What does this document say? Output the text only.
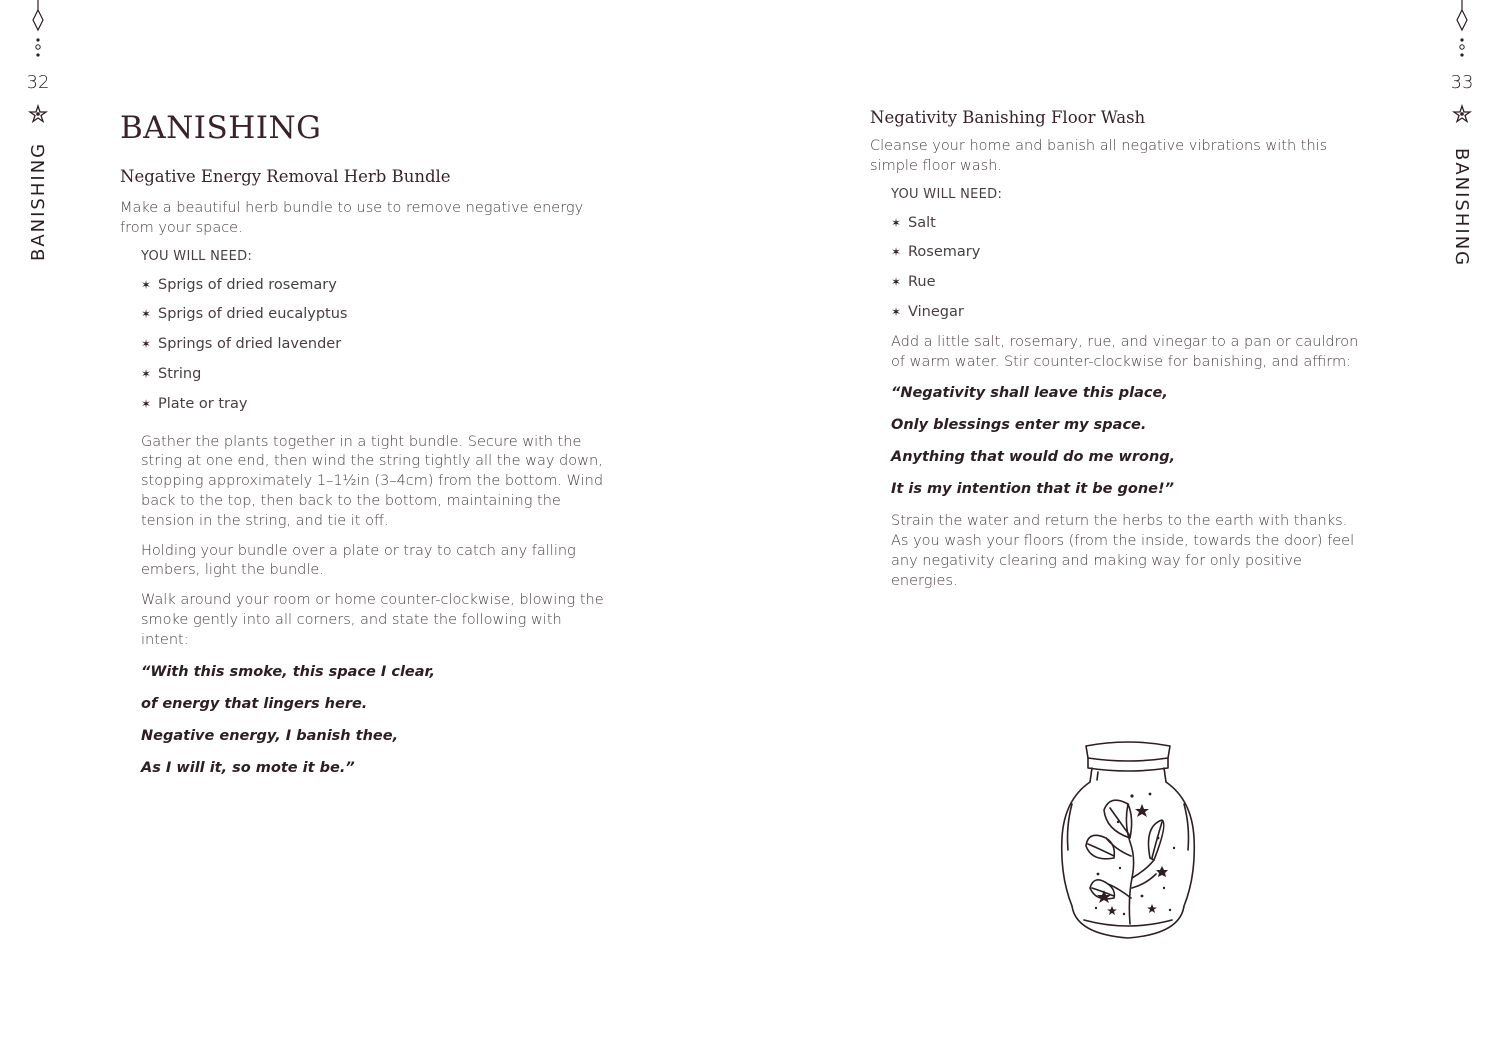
32
BANISHING
BANISHING
Negative Energy Removal Herb Bundle

Make a beautiful herb bundle to use to remove negative energy from your space.

YOU WILL NEED:
✶ Sprigs of dried rosemary
✶ Sprigs of dried eucalyptus
✶ Springs of dried lavender
✶ String
✶ Plate or tray

Gather the plants together in a tight bundle. Secure with the string at one end, then wind the string tightly all the way down, stopping approximately 1–1½in (3–4cm) from the bottom. Wind back to the top, then back to the bottom, maintaining the tension in the string, and tie it off.

Holding your bundle over a plate or tray to catch any falling embers, light the bundle.

Walk around your room or home counter-clockwise, blowing the smoke gently into all corners, and state the following with intent:

“With this smoke, this space I clear,
of energy that lingers here.
Negative energy, I banish thee,
As I will it, so mote it be.”
33
BANISHING
Negativity Banishing Floor Wash

Cleanse your home and banish all negative vibrations with this simple floor wash.

YOU WILL NEED:
✶ Salt
✶ Rosemary
✶ Rue
✶ Vinegar

Add a little salt, rosemary, rue, and vinegar to a pan or cauldron of warm water. Stir counter-clockwise for banishing, and affirm:

“Negativity shall leave this place,
Only blessings enter my space.
Anything that would do me wrong,
It is my intention that it be gone!”

Strain the water and return the herbs to the earth with thanks. As you wash your floors (from the inside, towards the door) feel any negativity clearing and making way for only positive energies.
